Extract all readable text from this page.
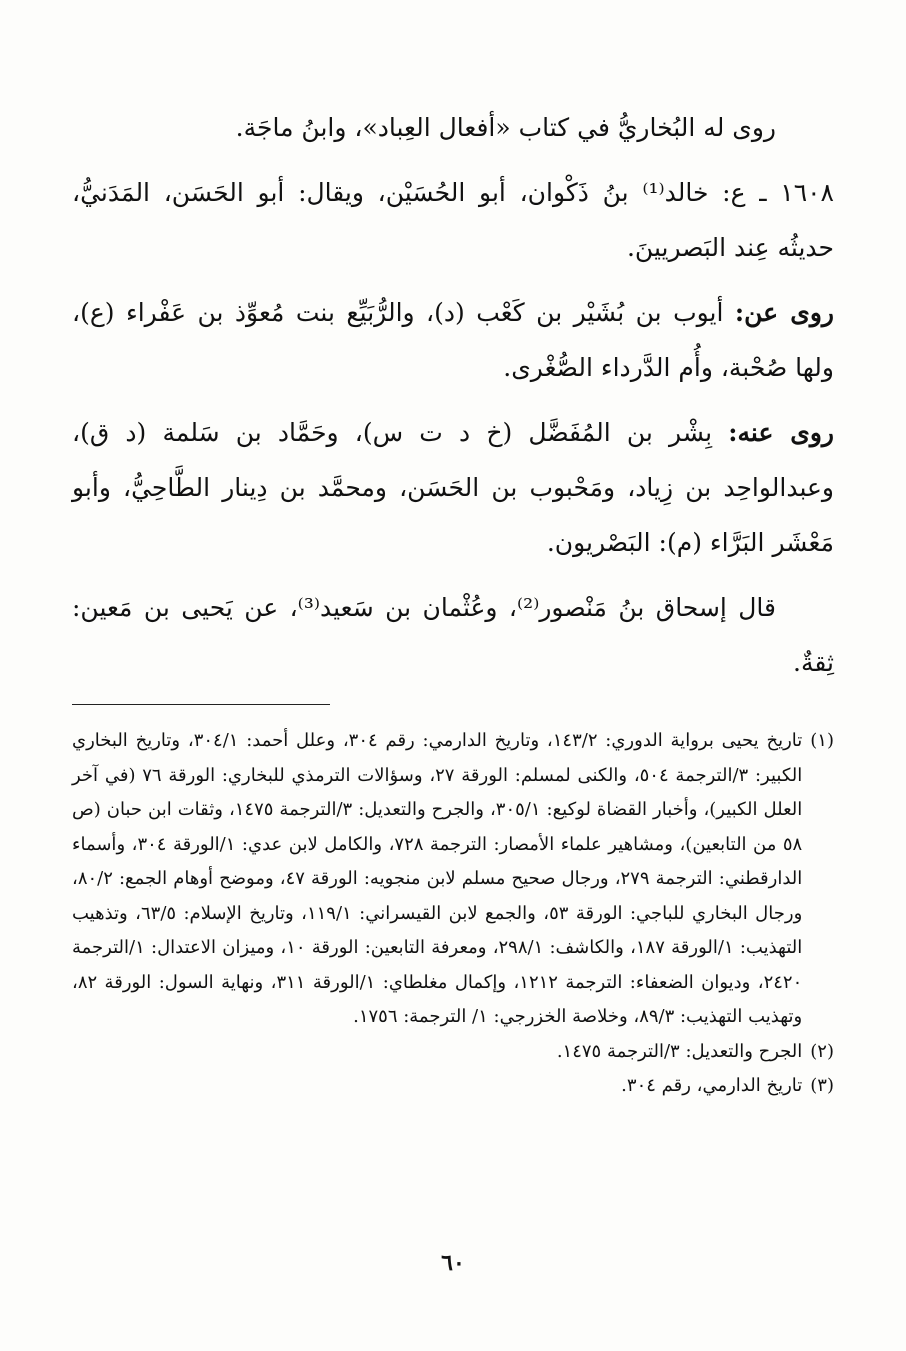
روى له البُخاريُّ في كتاب «أفعال العِباد»، وابنُ ماجَة.

١٦٠٨ ـ ع: خالد⁽¹⁾ بنُ ذَكْوان، أبو الحُسَيْن، ويقال: أبو الحَسَن، المَدَنيُّ، حديثُه عِند البَصريينَ.

روى عن: أيوب بن بُشَيْر بن كَعْب (د)، والرُّبَيِّع بنت مُعوِّذ بن عَفْراء (ع)، ولها صُحْبة، وأُم الدَّرداء الصُّغْرى.

روى عنه: بِشْر بن المُفَضَّل (خ د ت س)، وحَمَّاد بن سَلمة (د ق)، وعبدالواحِد بن زِياد، ومَحْبوب بن الحَسَن، ومحمَّد بن دِينار الطَّاحِيُّ، وأبو مَعْشَر البَرَّاء (م): البَصْريون.

قال إسحاق بنُ مَنْصور⁽²⁾، وعُثْمان بن سَعيد⁽³⁾، عن يَحيى بن مَعين: ثِقةٌ.

(١)
تاريخ يحيى برواية الدوري: ١٤٣/٢، وتاريخ الدارمي: رقم ٣٠٤، وعلل أحمد: ٣٠٤/١، وتاريخ البخاري الكبير: ٣/الترجمة ٥٠٤، والكنى لمسلم: الورقة ٢٧، وسؤالات الترمذي للبخاري: الورقة ٧٦ (في آخر العلل الكبير)، وأخبار القضاة لوكيع: ٣٠٥/١، والجرح والتعديل: ٣/الترجمة ١٤٧٥، وثقات ابن حبان (ص ٥٨ من التابعين)، ومشاهير علماء الأمصار: الترجمة ٧٢٨، والكامل لابن عدي: ١/الورقة ٣٠٤، وأسماء الدارقطني: الترجمة ٢٧٩، ورجال صحيح مسلم لابن منجويه: الورقة ٤٧، وموضح أوهام الجمع: ٨٠/٢، ورجال البخاري للباجي: الورقة ٥٣، والجمع لابن القيسراني: ١١٩/١، وتاريخ الإسلام: ٦٣/٥، وتذهيب التهذيب: ١/الورقة ١٨٧، والكاشف: ٢٩٨/١، ومعرفة التابعين: الورقة ١٠، وميزان الاعتدال: ١/الترجمة ٢٤٢٠، وديوان الضعفاء: الترجمة ١٢١٢، وإكمال مغلطاي: ١/الورقة ٣١١، ونهاية السول: الورقة ٨٢، وتهذيب التهذيب: ٨٩/٣، وخلاصة الخزرجي: ١/ الترجمة: ١٧٥٦.
(٢)
الجرح والتعديل: ٣/الترجمة ١٤٧٥.
(٣)
تاريخ الدارمي، رقم ٣٠٤.
٦٠
